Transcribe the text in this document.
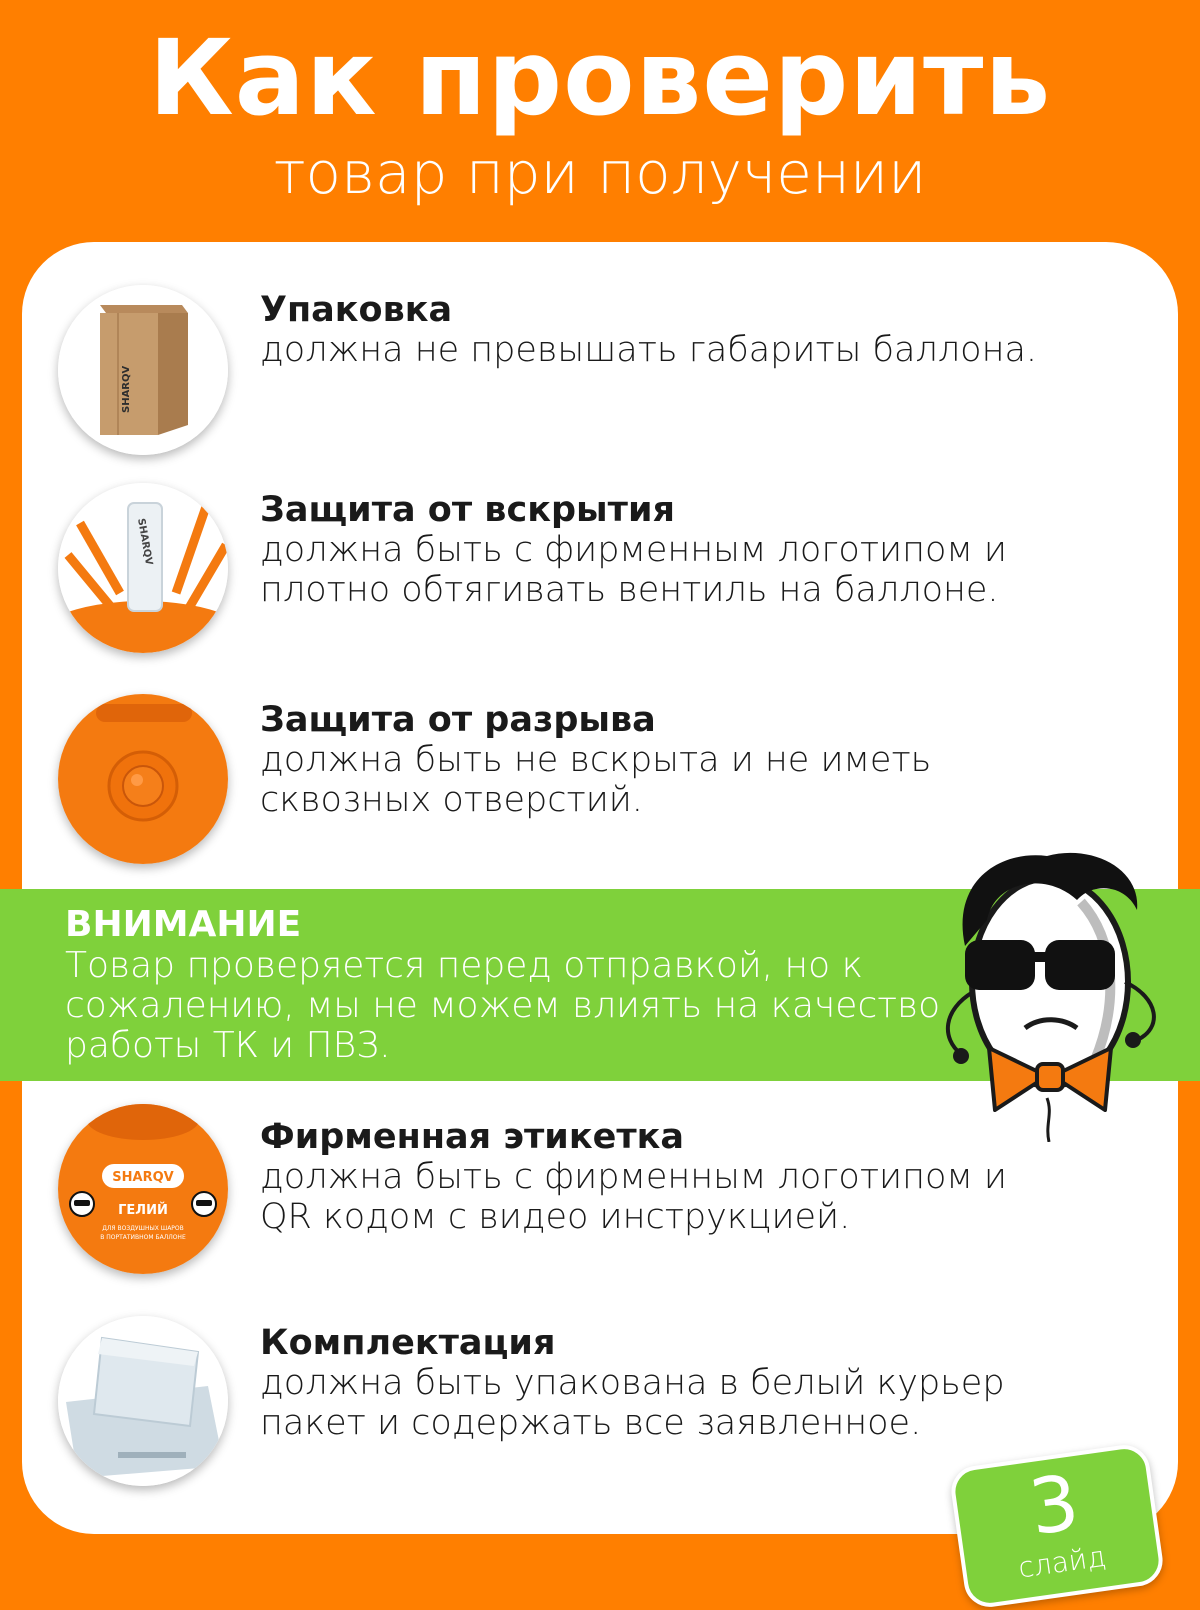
Как проверить
товар при получении
SHARQV
Упаковка
должна не превышать габариты баллона.
SHARQV
Защита от вскрытия
должна быть с фирменным логотипом и
плотно обтягивать вентиль на баллоне.
Защита от разрыва
должна быть не вскрыта и не иметь
сквозных отверстий.
ВНИМАНИЕ
Товар проверяется перед отправкой, но к
сожалению, мы не можем влиять на качество
работы ТК и ПВЗ.
SHARQV
ГЕЛИЙ
ДЛЯ ВОЗДУШНЫХ ШАРОВ
В ПОРТАТИВНОМ БАЛЛОНЕ
Фирменная этикетка
должна быть с фирменным логотипом и
QR кодом с видео инструкцией.
Комплектация
должна быть упакована в белый курьер
пакет и содержать все заявленное.
3
слайд
